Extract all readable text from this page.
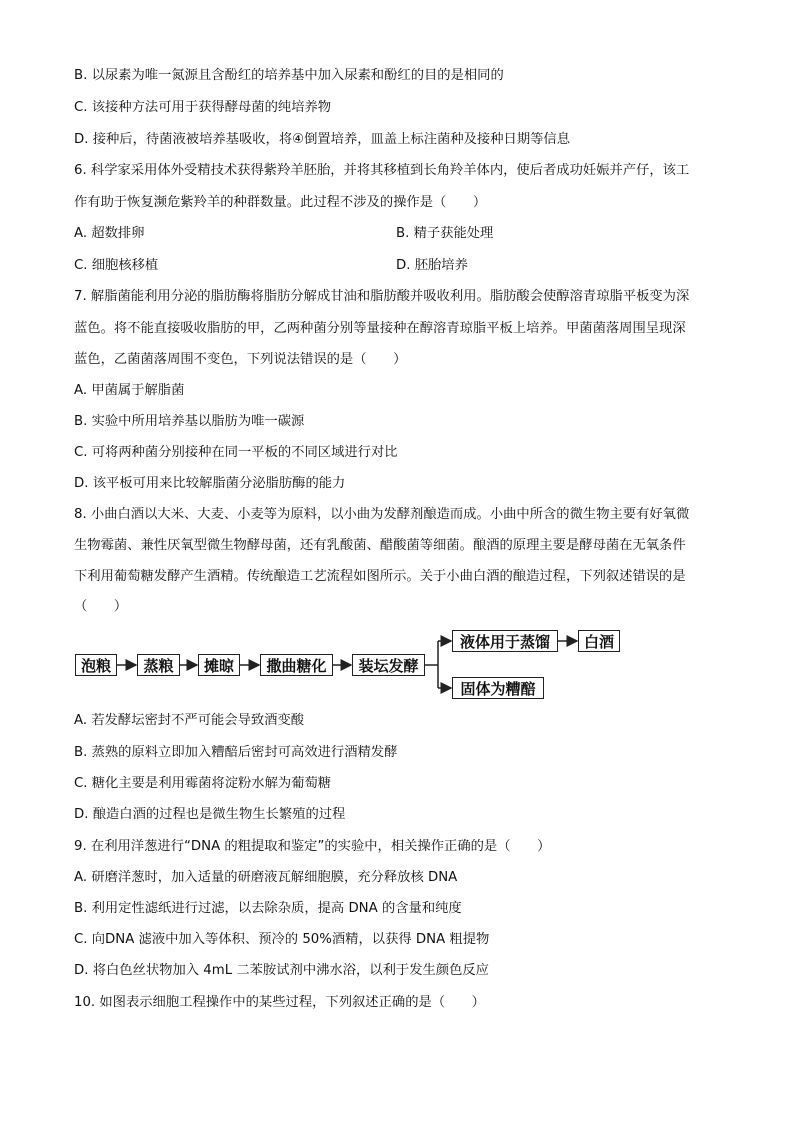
B. 以尿素为唯一氮源且含酚红的培养基中加入尿素和酚红的目的是相同的
C. 该接种方法可用于获得酵母菌的纯培养物
D. 接种后，待菌液被培养基吸收，将④倒置培养，皿盖上标注菌种及接种日期等信息
6. 科学家采用体外受精技术获得紫羚羊胚胎，并将其移植到长角羚羊体内，使后者成功妊娠并产仔，该工
作有助于恢复濒危紫羚羊的种群数量。此过程不涉及的操作是（　　）
A. 超数排卵	B. 精子获能处理
C. 细胞核移植	D. 胚胎培养
7. 解脂菌能利用分泌的脂肪酶将脂肪分解成甘油和脂肪酸并吸收利用。脂肪酸会使醇溶青琼脂平板变为深
蓝色。将不能直接吸收脂肪的甲，乙两种菌分别等量接种在醇溶青琼脂平板上培养。甲菌菌落周围呈现深
蓝色，乙菌菌落周围不变色，下列说法错误的是（　　）
A. 甲菌属于解脂菌
B. 实验中所用培养基以脂肪为唯一碳源
C. 可将两种菌分别接种在同一平板的不同区域进行对比
D. 该平板可用来比较解脂菌分泌脂肪酶的能力
8. 小曲白酒以大米、大麦、小麦等为原料，以小曲为发酵剂酿造而成。小曲中所含的微生物主要有好氧微
生物霉菌、兼性厌氧型微生物酵母菌，还有乳酸菌、醋酸菌等细菌。酿酒的原理主要是酵母菌在无氧条件
下利用葡萄糖发酵产生酒精。传统酿造工艺流程如图所示。关于小曲白酒的酿造过程，下列叙述错误的是
（　　）
泡粮	蒸粮	摊晾	撒曲糖化	装坛发酵
液体用于蒸馏	白酒
固体为糟醅
A. 若发酵坛密封不严可能会导致酒变酸
B. 蒸熟的原料立即加入糟醅后密封可高效进行酒精发酵
C. 糖化主要是利用霉菌将淀粉水解为葡萄糖
D. 酿造白酒的过程也是微生物生长繁殖的过程
9. 在利用洋葱进行“DNA 的粗提取和鉴定”的实验中，相关操作正确的是（　　）
A. 研磨洋葱时，加入适量的研磨液瓦解细胞膜，充分释放核 DNA
B. 利用定性滤纸进行过滤，以去除杂质，提高 DNA 的含量和纯度
C. 向DNA 滤液中加入等体积、预冷的 50%酒精，以获得 DNA 粗提物
D. 将白色丝状物加入 4mL 二苯胺试剂中沸水浴，以利于发生颜色反应
10. 如图表示细胞工程操作中的某些过程，下列叙述正确的是（　　）
